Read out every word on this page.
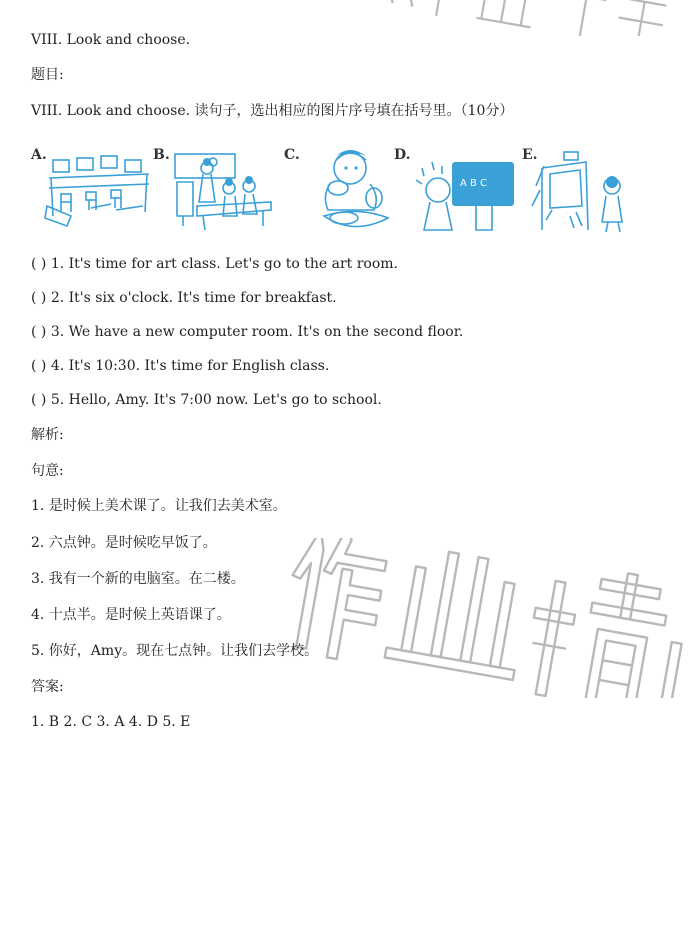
VIII. Look and choose.
题目:
VIII. Look and choose. 读句子，选出相应的图片序号填在括号里。（10分）
A.	B.	C.	D.
A B C
E.
( ) 1. It's time for art class. Let's go to the art room.
( ) 2. It's six o'clock. It's time for breakfast.
( ) 3. We have a new computer room. It's on the second floor.
( ) 4. It's 10:30. It's time for English class.
( ) 5. Hello, Amy. It's 7:00 now. Let's go to school.
解析:
句意:
1. 是时候上美术课了。让我们去美术室。
2. 六点钟。是时候吃早饭了。
3. 我有一个新的电脑室。在二楼。
4. 十点半。是时候上英语课了。
5. 你好，Amy。现在七点钟。让我们去学校。
答案:
1. B 2. C 3. A 4. D 5. E
